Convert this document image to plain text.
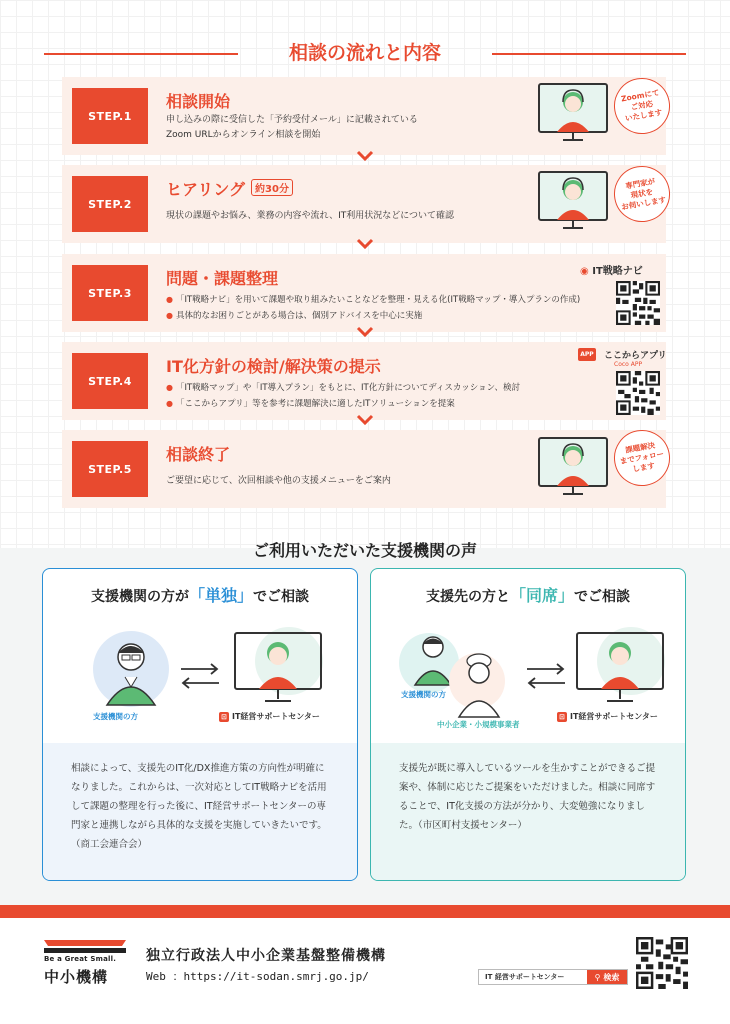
相談の流れと内容
STEP.1
相談開始
申し込みの際に受信した「予約受付メール」に記載されている
Zoom URLからオンライン相談を開始
Zoomにて
ご対応
いたします
STEP.2
ヒアリング 約30分
現状の課題やお悩み、業務の内容や流れ、IT利用状況などについて確認
専門家が
現状を
お伺いします
STEP.3
問題・課題整理
● 「IT戦略ナビ」を用いて課題や取り組みたいことなどを整理・見える化(IT戦略マップ・導入プランの作成)
● 具体的なお困りごとがある場合は、個別アドバイスを中心に実施
◉ IT戦略ナビ
STEP.4
IT化方針の検討/解決策の提示
● 「IT戦略マップ」や「IT導入プラン」をもとに、IT化方針についてディスカッション、検討
● 「ここからアプリ」等を参考に課題解決に適したITソリューションを提案
APP ここからアプリ
Coco APP
STEP.5
相談終了
ご要望に応じて、次回相談や他の支援メニューをご案内
課題解決
までフォロー
します
ご利用いただいた支援機関の声
支援機関の方が「単独」でご相談
支援機関の方	⊡ IT経営サポートセンター
相談によって、支援先のIT化/DX推進方策の方向性が明確になりました。これからは、一次対応としてIT戦略ナビを活用して課題の整理を行った後に、IT経営サポートセンターの専門家と連携しながら具体的な支援を実施していきたいです。（商工会連合会）
支援先の方と「同席」でご相談
支援機関の方
中小企業・小規模事業者
⊡ IT経営サポートセンター
支援先が既に導入しているツールを生かすことができるご提案や、体制に応じたご提案をいただけました。相談に同席することで、IT化支援の方法が分かり、大変勉強になりました。（市区町村支援センター）
Be a Great Small.
中小機構
独立行政法人中小企業基盤整備機構
Web ：https://it-sodan.smrj.go.jp/	IT 経営サポートセンター	⚲
検索
